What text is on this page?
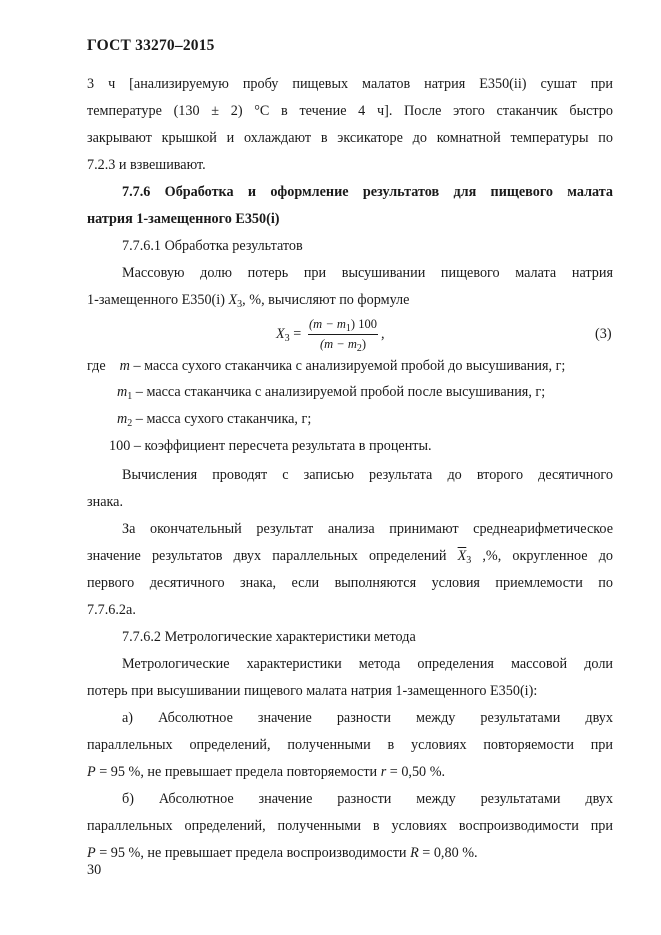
ГОСТ 33270–2015
3 ч [анализируемую пробу пищевых малатов натрия Е350(ii) сушат при
температуре (130 ± 2) °С в течение 4 ч]. После этого стаканчик быстро
закрывают крышкой и охлаждают в эксикаторе до комнатной температуры по
7.2.3 и взвешивают.
7.7.6 Обработка и оформление результатов для пищевого малата
натрия 1-замещенного Е350(i)
7.7.6.1 Обработка результатов
Массовую долю потерь при высушивании пищевого малата натрия
1-замещенного Е350(i) $X_3$, %, вычисляют по формуле
$X_3$ =
$(m - m_1)$ 100
$(m - m_2)$
,	(3)
где m – масса сухого стаканчика с анализируемой пробой до высушивания, г;
$m_1$ – масса стаканчика с анализируемой пробой после высушивания, г;
$m_2$ – масса сухого стаканчика, г;
100 – коэффициент пересчета результата в проценты.
Вычисления проводят с записью результата до второго десятичного
знака.
За окончательный результат анализа принимают среднеарифметическое
значение результатов двух параллельных определений $\overline{X}_3$ ,%, округленное до
первого десятичного знака, если выполняются условия приемлемости по
7.7.6.2а.
7.7.6.2 Метрологические характеристики метода
Метрологические характеристики метода определения массовой доли
потерь при высушивании пищевого малата натрия 1-замещенного Е350(i):
а) Абсолютное значение разности между результатами двух
параллельных определений, полученными в условиях повторяемости при
P = 95 %, не превышает предела повторяемости r = 0,50 %.
б) Абсолютное значение разности между результатами двух
параллельных определений, полученными в условиях воспроизводимости при
P = 95 %, не превышает предела воспроизводимости R = 0,80 %.
30
